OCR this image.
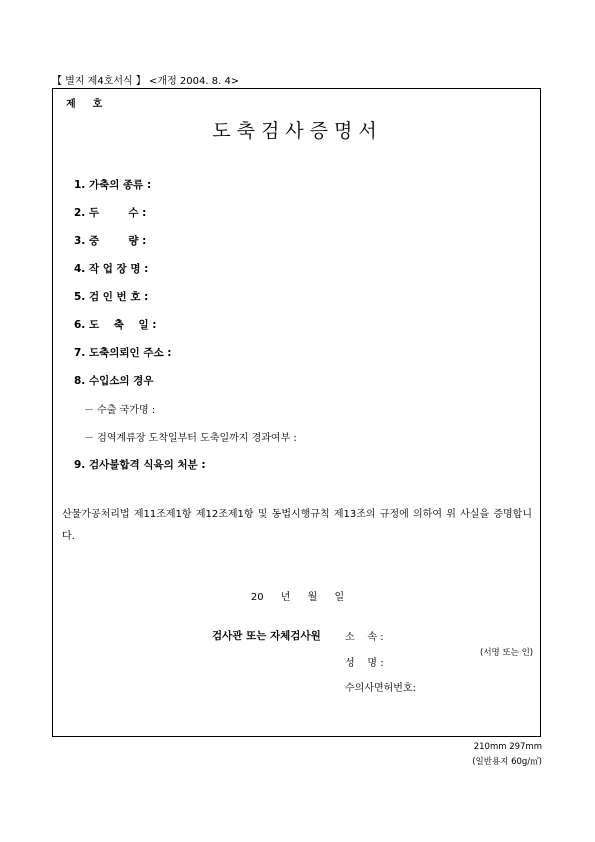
【 별지 제4호서식 】 <개정 2004. 8. 4>
제 호
도축검사증명서
1. 가축의 종류 :
2. 두        수 :
3. 중        량 :
4. 작 업 장 명 :
5. 검 인 번 호 :
6. 도    축    일 :
7. 도축의뢰인 주소 :
8. 수입소의 경우
－ 수출 국가명 :
－ 검역계류장 도착일부터 도축일까지 경과여부 :
9. 검사불합격 식육의 처분 :
산물가공처리법 제11조제1항 제12조제1항 및 동법시행규칙 제13조의 규정에 의하여 위 사실을 증명합니다.
20 년 월 일
검사관 또는 자체검사원 소    속 :
성    명 :
(서명 또는 인)
수의사면허번호:
210mm 297mm
(일반용지 60g/㎡)
